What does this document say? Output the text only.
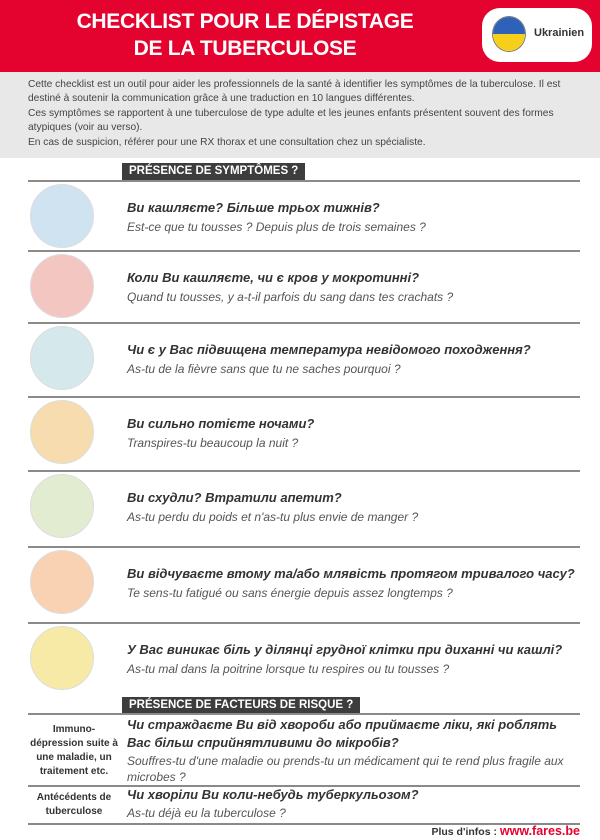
CHECKLIST POUR LE DÉPISTAGE
DE LA TUBERCULOSE
Ukrainien

Cette checklist est un outil pour aider les professionnels de la santé à identifier les symptômes de la tuberculose. Il est destiné à soutenir la communication grâce à une traduction en 10 langues différentes.

Ces symptômes se rapportent à une tuberculose de type adulte et les jeunes enfants présentent souvent des formes atypiques (voir au verso).

En cas de suspicion, référer pour une RX thorax et une consultation chez un spécialiste.

PRÉSENCE DE SYMPTÔMES ?
Ви кашляєте? Більше трьох тижнів?
Est-ce que tu tousses ? Depuis plus de trois semaines ?
Коли Ви кашляєте, чи є кров у мокротинні?
Quand tu tousses, y a-t-il parfois du sang dans tes crachats ?
Чи є у Вас підвищена температура невідомого походження?
As-tu de la fièvre sans que tu ne saches pourquoi ?
Ви сильно потієте ночами?
Transpires-tu beaucoup la nuit ?
Ви схудли? Втратили апетит?
As-tu perdu du poids et n'as-tu plus envie de manger ?
Ви відчуваєте втому та/або млявість протягом тривалого часу?
Te sens-tu fatigué ou sans énergie depuis assez longtemps ?
У Вас виникає біль у ділянці грудної клітки при диханні чи кашлі?
As-tu mal dans la poitrine lorsque tu respires ou tu tousses ?
PRÉSENCE DE FACTEURS DE RISQUE ?
Immuno-dépression suite à une maladie, un traitement etc.
Чи страждаєте Ви від хвороби або приймаєте ліки, які роблять Вас більш сприйнятливими до мікробів?
Souffres-tu d'une maladie ou prends-tu un médicament qui te rend plus fragile aux microbes ?
Antécédents de tuberculose
Чи хворіли Ви коли-небудь туберкульозом?
As-tu déjà eu la tuberculose ?
Plus d'infos : www.fares.be
